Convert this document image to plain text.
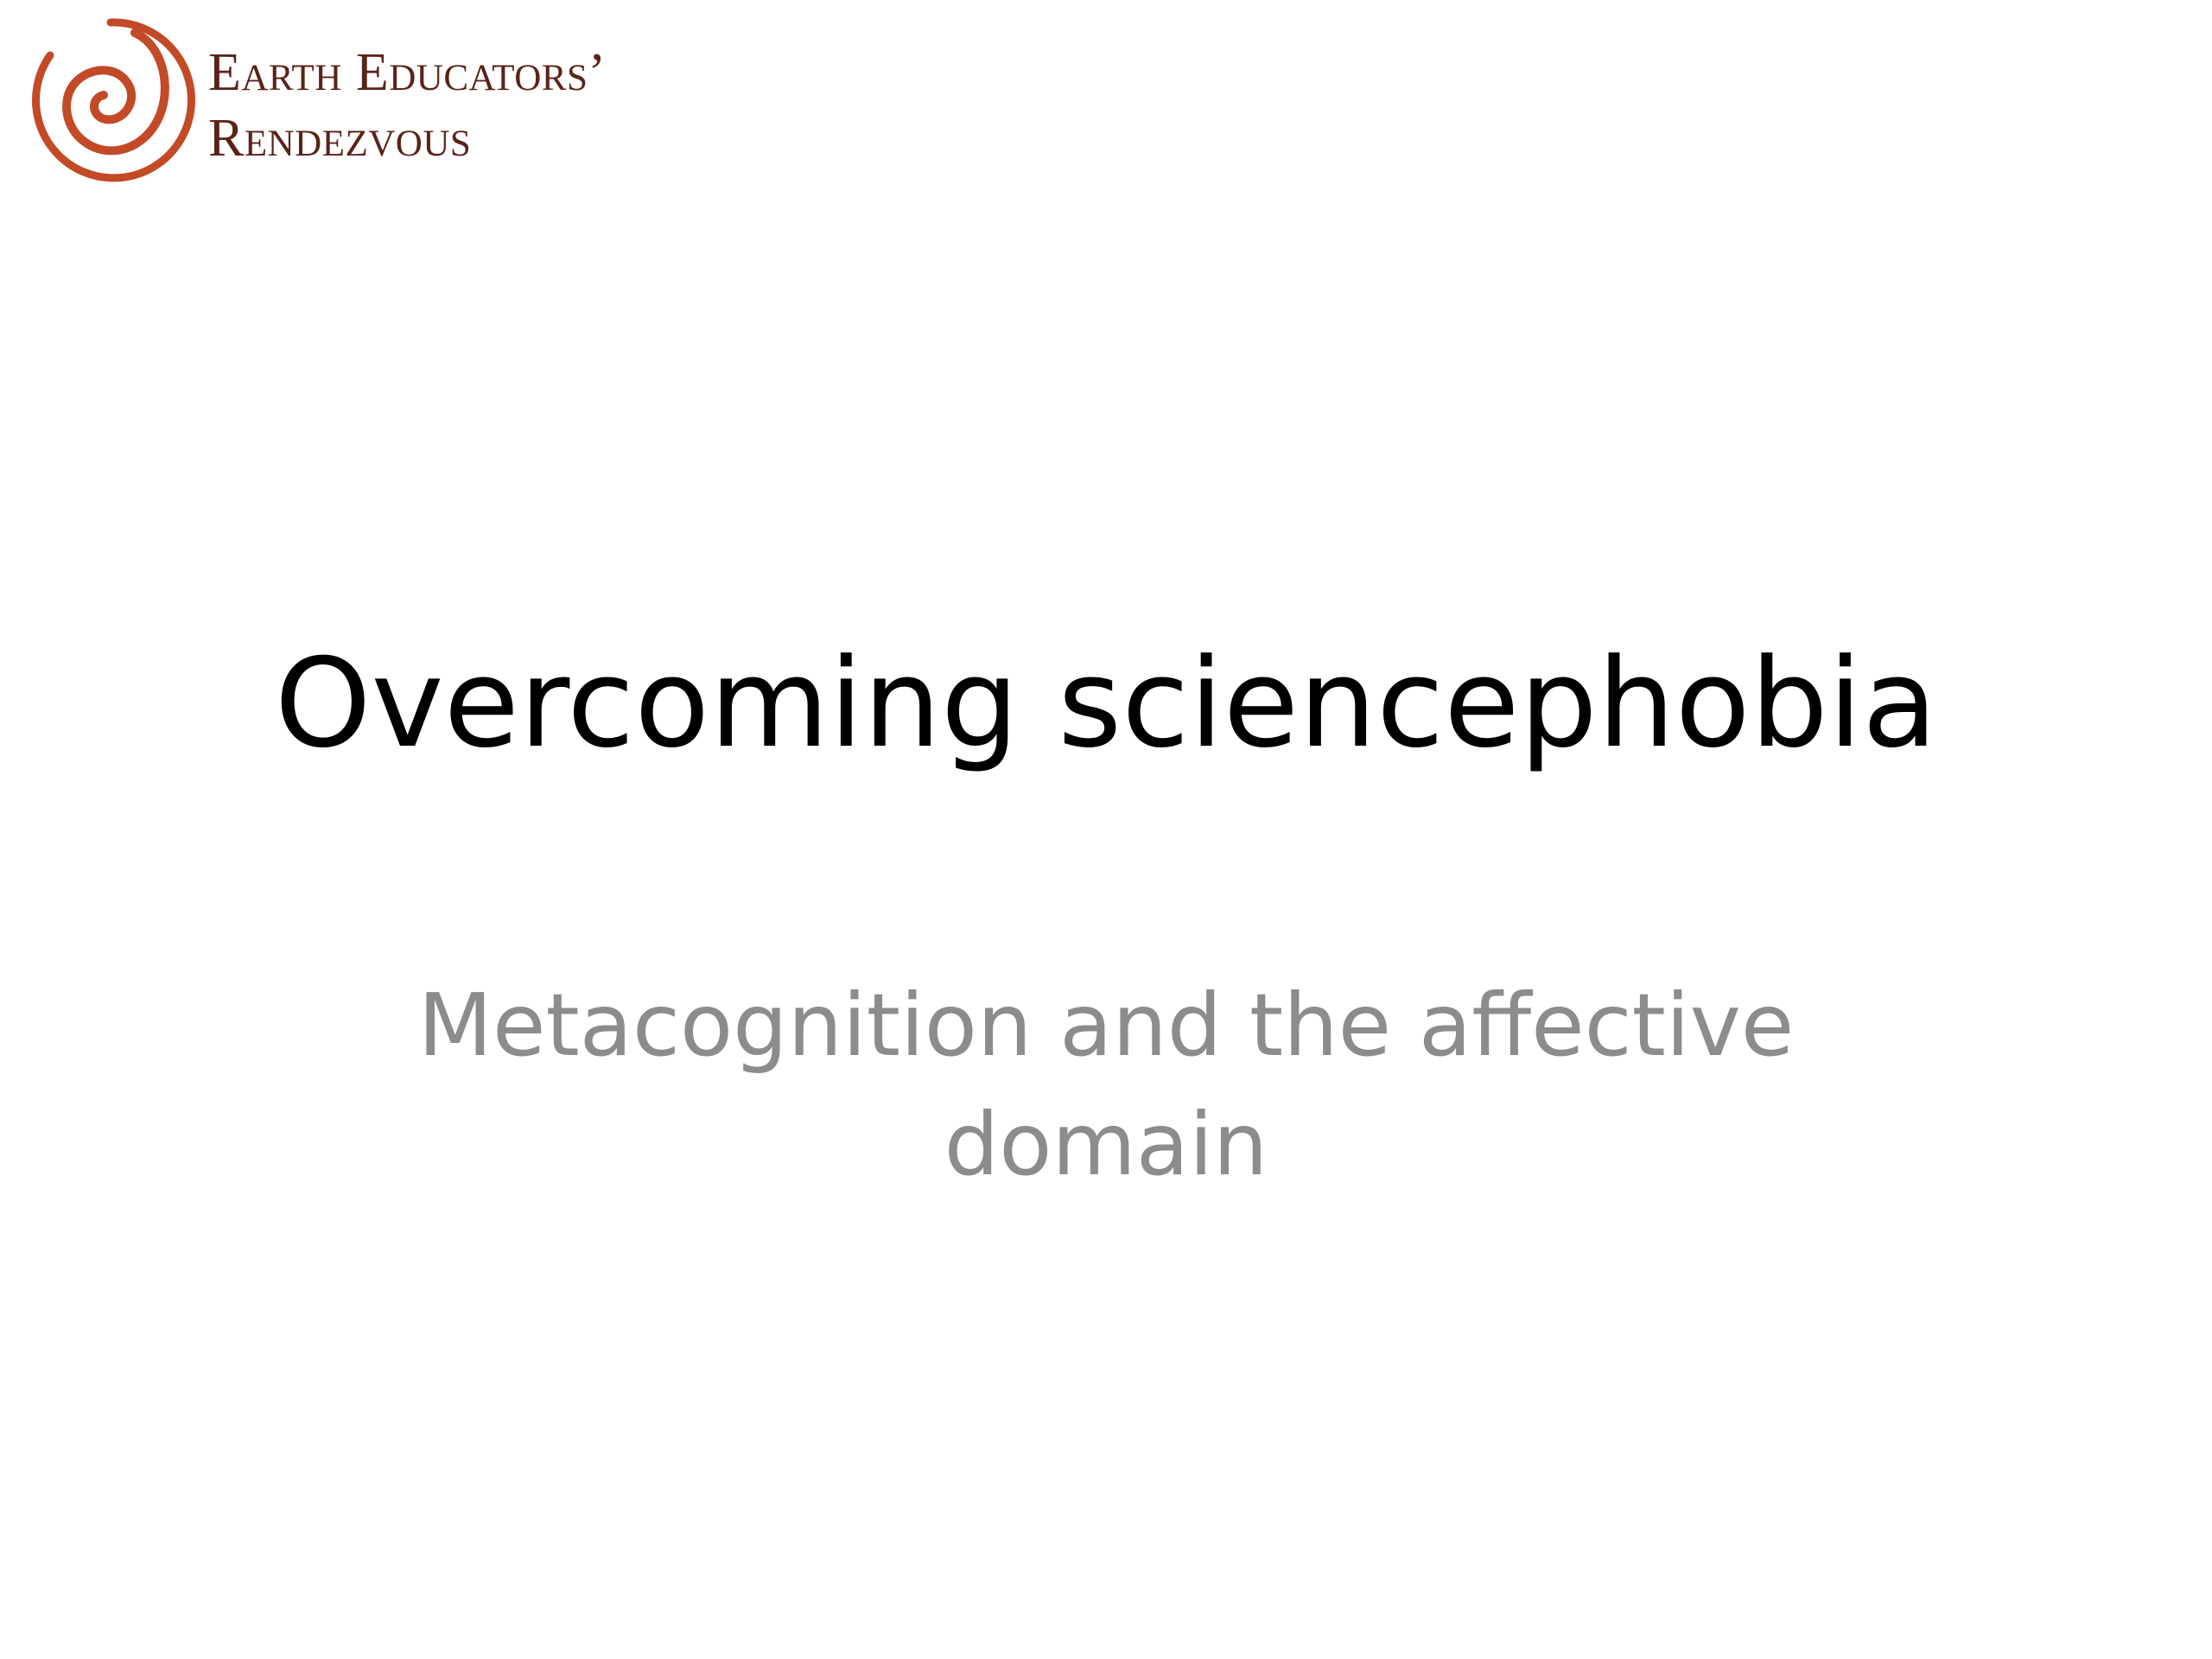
Earth Educators’
Rendezvous
Overcoming sciencephobia
Metacognition and the affective domain
